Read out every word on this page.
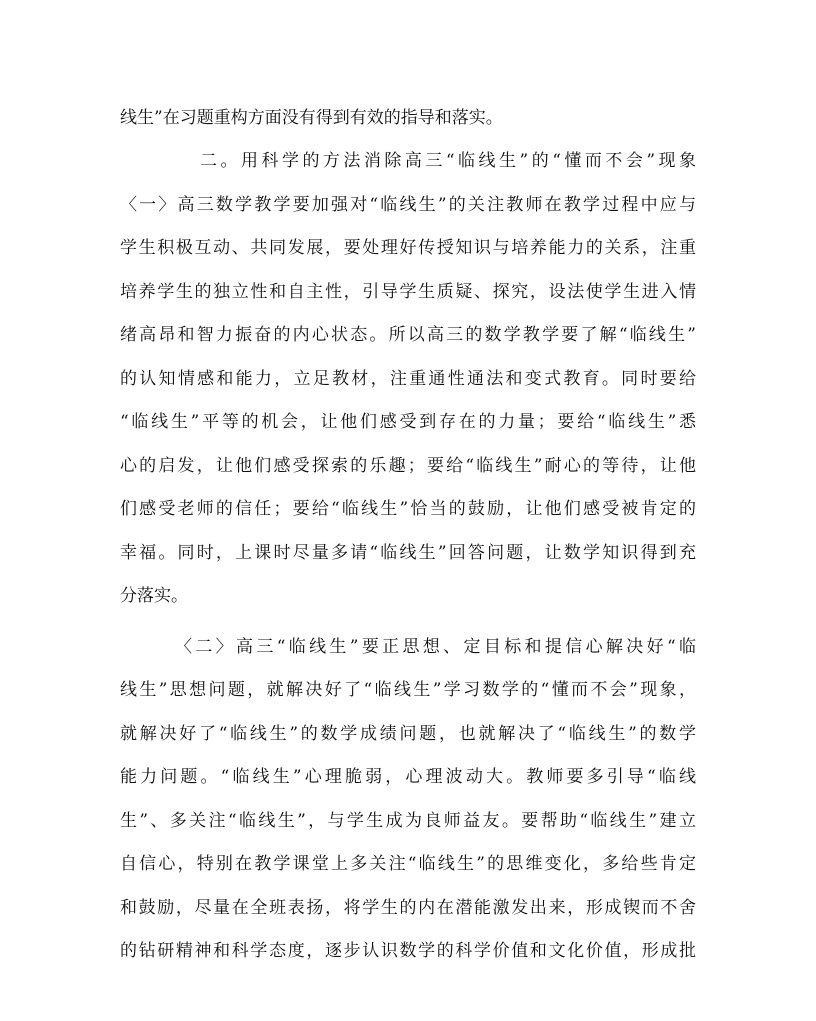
线生”在习题重构方面没有得到有效的指导和落实。
二。用科学的方法消除高三“临线生”的“懂而不会”现象
〈一〉高三数学教学要加强对“临线生”的关注教师在教学过程中应与
学生积极互动、共同发展，要处理好传授知识与培养能力的关系，注重
培养学生的独立性和自主性，引导学生质疑、探究，设法使学生进入情
绪高昂和智力振奋的内心状态。所以高三的数学教学要了解“临线生”
的认知情感和能力，立足教材，注重通性通法和变式教育。同时要给
“临线生”平等的机会，让他们感受到存在的力量；要给“临线生”悉
心的启发，让他们感受探索的乐趣；要给“临线生”耐心的等待，让他
们感受老师的信任；要给“临线生”恰当的鼓励，让他们感受被肯定的
幸福。同时，上课时尽量多请“临线生”回答问题，让数学知识得到充
分落实。
〈二〉高三“临线生”要正思想、定目标和提信心解决好“临
线生”思想问题，就解决好了“临线生”学习数学的“懂而不会”现象，
就解决好了“临线生”的数学成绩问题，也就解决了“临线生”的数学
能力问题。“临线生”心理脆弱，心理波动大。教师要多引导“临线
生”、多关注“临线生”，与学生成为良师益友。要帮助“临线生”建立
自信心，特别在教学课堂上多关注“临线生”的思维变化，多给些肯定
和鼓励，尽量在全班表扬，将学生的内在潜能激发出来，形成锲而不舍
的钻研精神和科学态度，逐步认识数学的科学价值和文化价值，形成批
